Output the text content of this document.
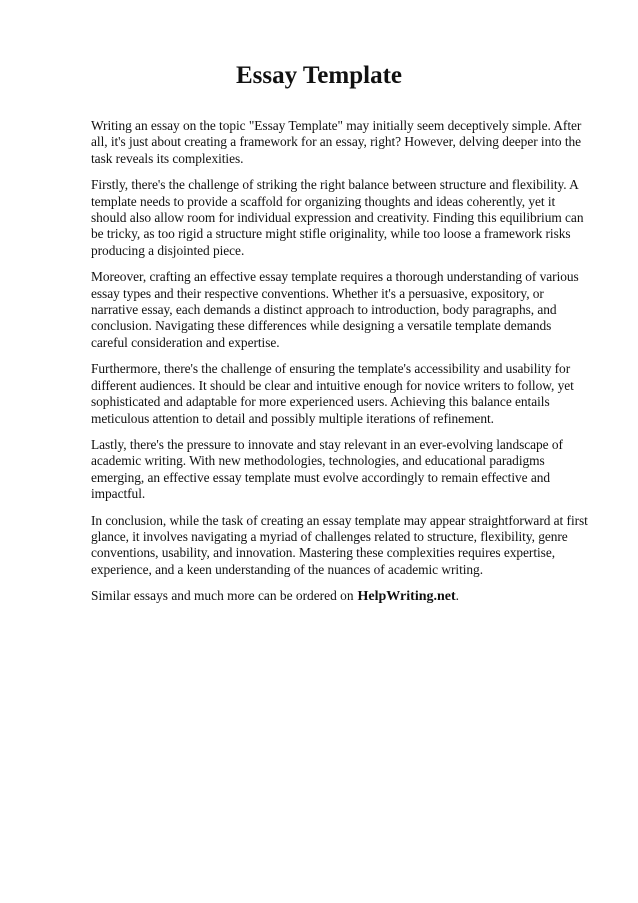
Essay Template

Writing an essay on the topic "Essay Template" may initially seem deceptively simple. After all, it's just about creating a framework for an essay, right? However, delving deeper into the task reveals its complexities.

Firstly, there's the challenge of striking the right balance between structure and flexibility. A template needs to provide a scaffold for organizing thoughts and ideas coherently, yet it should also allow room for individual expression and creativity. Finding this equilibrium can be tricky, as too rigid a structure might stifle originality, while too loose a framework risks producing a disjointed piece.

Moreover, crafting an effective essay template requires a thorough understanding of various essay types and their respective conventions. Whether it's a persuasive, expository, or narrative essay, each demands a distinct approach to introduction, body paragraphs, and conclusion. Navigating these differences while designing a versatile template demands careful consideration and expertise.

Furthermore, there's the challenge of ensuring the template's accessibility and usability for different audiences. It should be clear and intuitive enough for novice writers to follow, yet sophisticated and adaptable for more experienced users. Achieving this balance entails meticulous attention to detail and possibly multiple iterations of refinement.

Lastly, there's the pressure to innovate and stay relevant in an ever-evolving landscape of academic writing. With new methodologies, technologies, and educational paradigms emerging, an effective essay template must evolve accordingly to remain effective and impactful.

In conclusion, while the task of creating an essay template may appear straightforward at first glance, it involves navigating a myriad of challenges related to structure, flexibility, genre conventions, usability, and innovation. Mastering these complexities requires expertise, experience, and a keen understanding of the nuances of academic writing.

Similar essays and much more can be ordered on HelpWriting.net.
